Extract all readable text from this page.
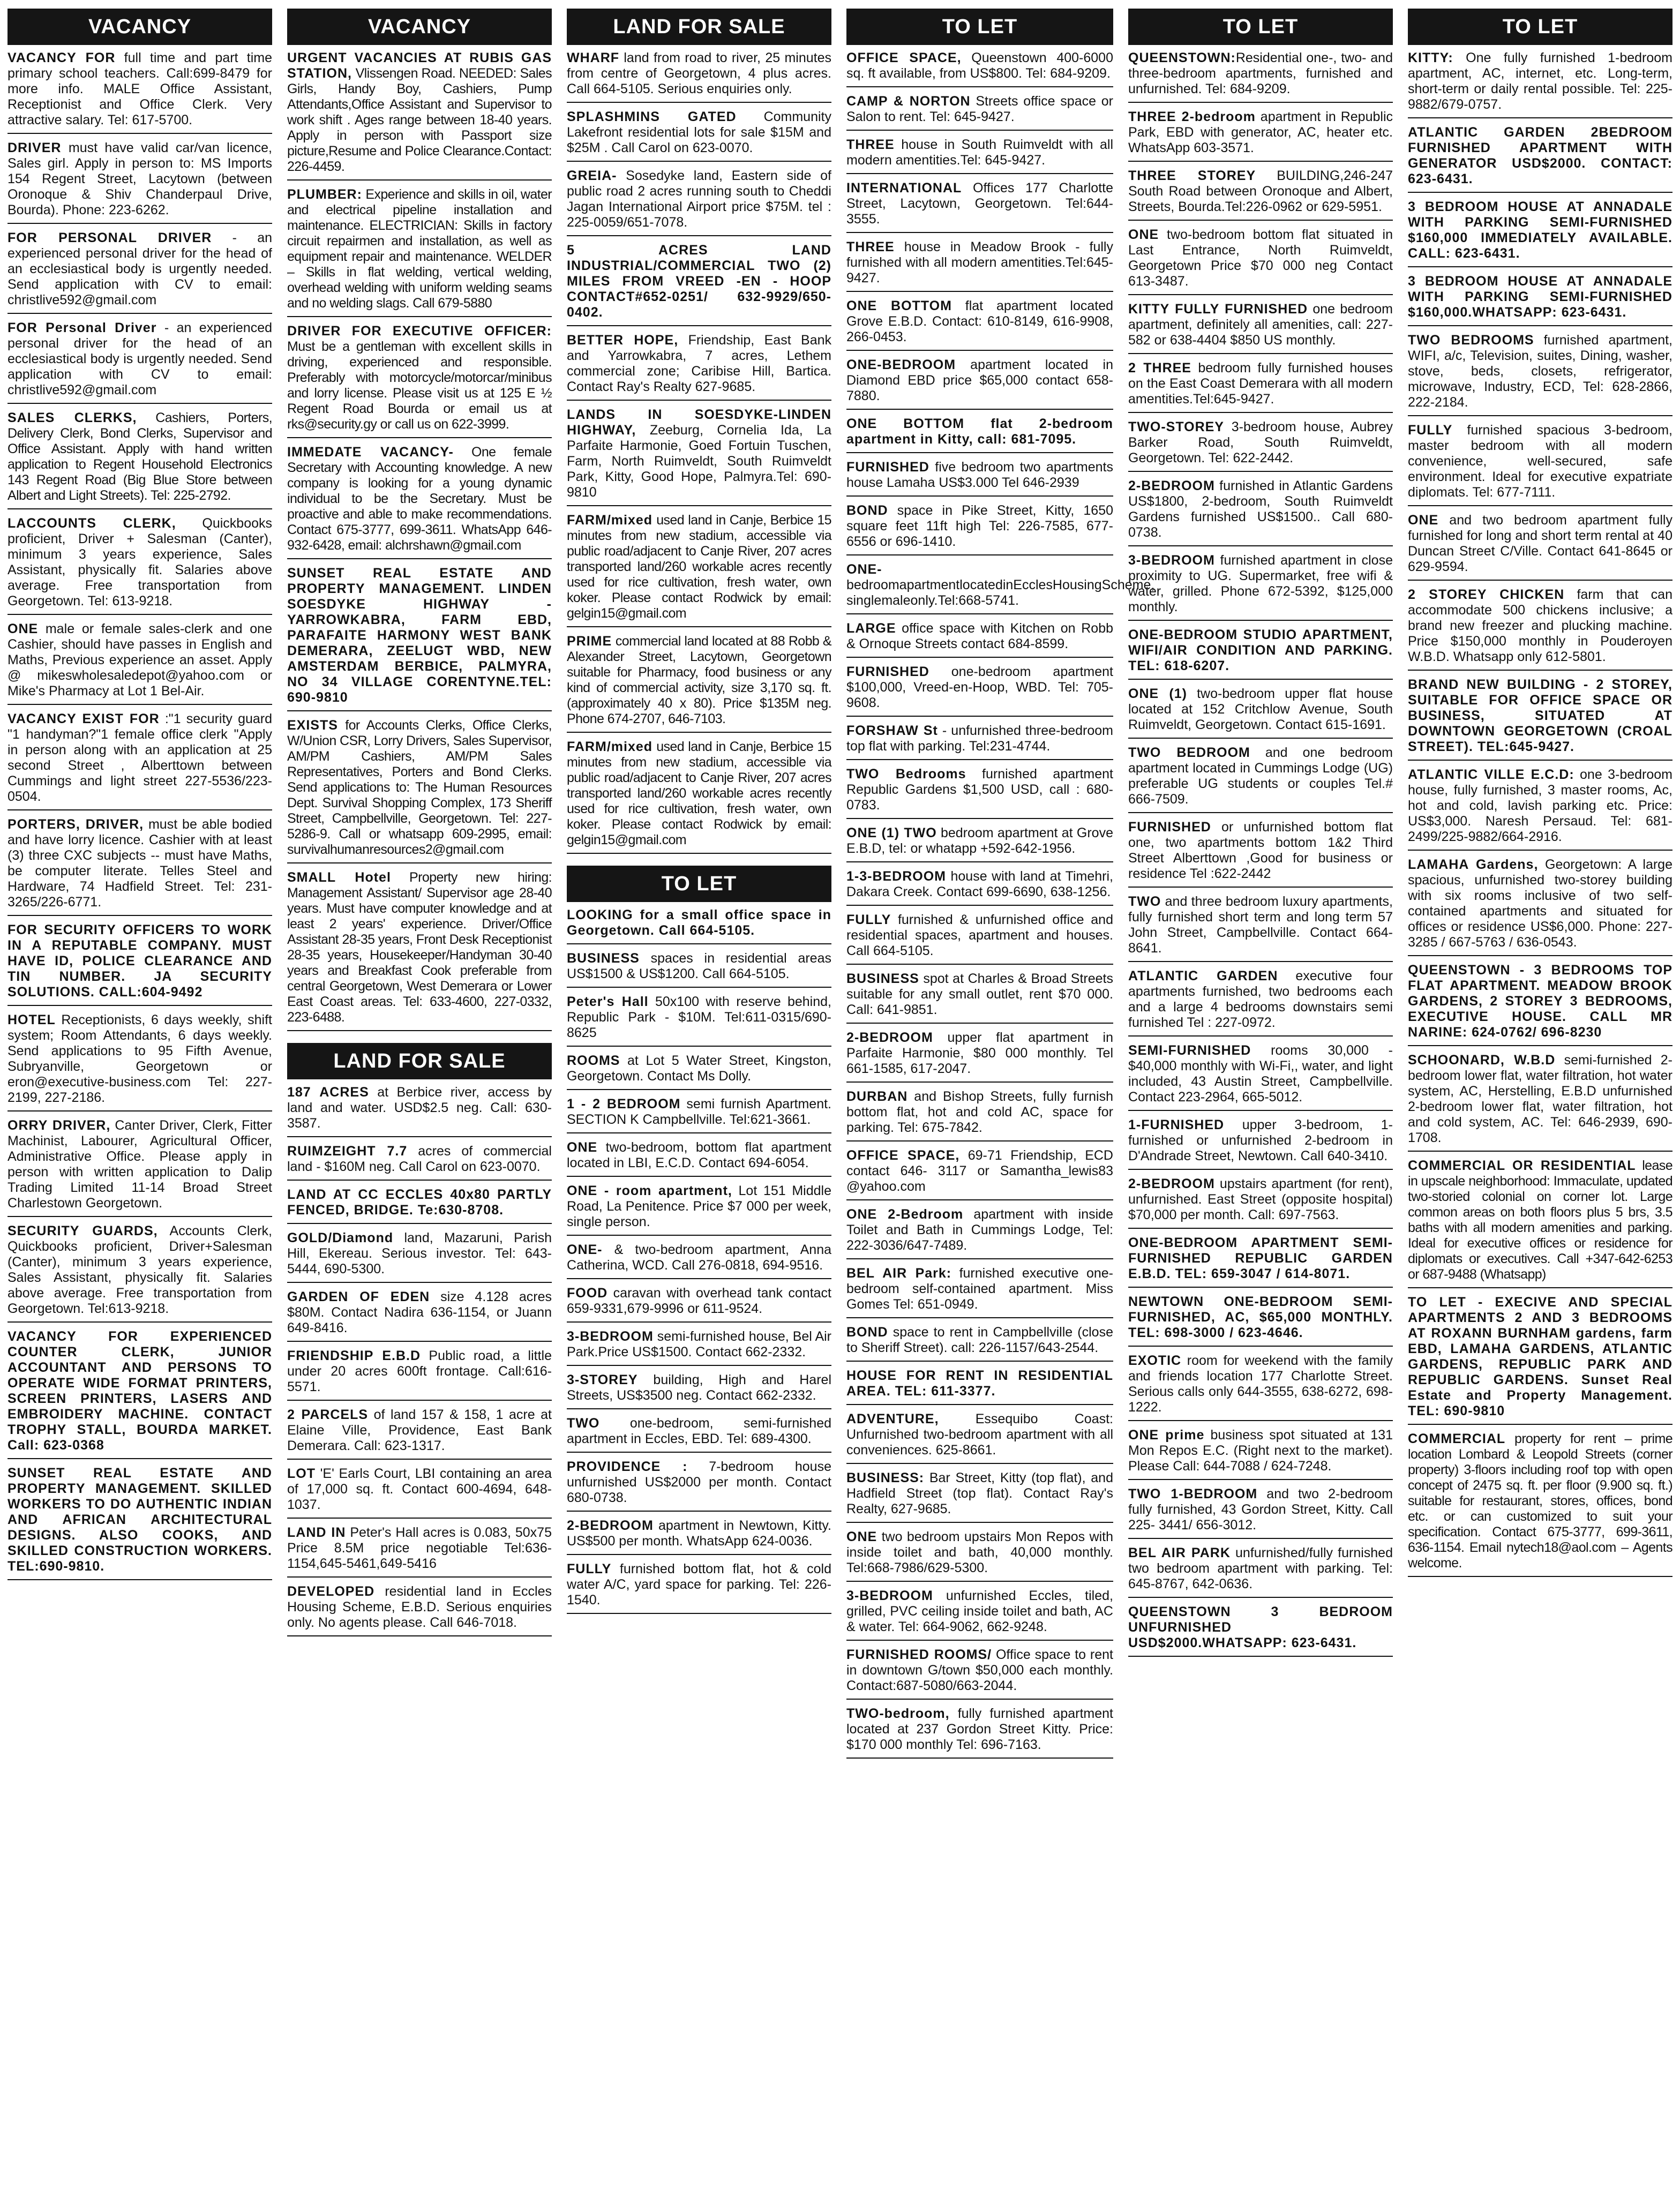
VACANCY
VACANCY FOR full time and part time primary school teachers. Call:699-8479 for more info. MALE Office Assistant, Receptionist and Office Clerk. Very attractive salary. Tel: 617-5700.
DRIVER must have valid car/van licence, Sales girl. Apply in person to: MS Imports 154 Regent Street, Lacytown (between Oronoque & Shiv Chanderpaul Drive, Bourda). Phone: 223-6262.
FOR PERSONAL DRIVER - an experienced personal driver for the head of an ecclesiastical body is urgently needed. Send application with CV to email: christlive592@gmail.com
FOR Personal Driver - an experienced personal driver for the head of an ecclesiastical body is urgently needed. Send application with CV to email: christlive592@gmail.com
SALES CLERKS, Cashiers, Porters, Delivery Clerk, Bond Clerks, Supervisor and Office Assistant. Apply with hand written application to Regent Household Electronics 143 Regent Road (Big Blue Store between Albert and Light Streets). Tel: 225-2792.
LACCOUNTS CLERK, Quickbooks proficient, Driver + Salesman (Canter), minimum 3 years experience, Sales Assistant, physically fit. Salaries above average. Free transportation from Georgetown. Tel: 613-9218.
ONE male or female sales-clerk and one Cashier, should have passes in English and Maths, Previous experience an asset. Apply @ mikeswholesaledepot@yahoo.com or Mike's Pharmacy at Lot 1 Bel-Air.
VACANCY EXIST FOR :"1 security guard "1 handyman?"1 female office clerk "Apply in person along with an application at 25 second Street , Alberttown between Cummings and light street 227-5536/223-0504.
PORTERS, DRIVER, must be able bodied and have lorry licence. Cashier with at least (3) three CXC subjects -- must have Maths, be computer literate. Telles Steel and Hardware, 74 Hadfield Street. Tel: 231-3265/226-6771.
FOR SECURITY OFFICERS TO WORK IN A REPUTABLE COMPANY. MUST HAVE ID, POLICE CLEARANCE AND TIN NUMBER. JA SECURITY SOLUTIONS. CALL:604-9492
HOTEL Receptionists, 6 days weekly, shift system; Room Attendants, 6 days weekly. Send applications to 95 Fifth Avenue, Subryanville, Georgetown or eron@executive-business.com Tel: 227-2199, 227-2186.
ORRY DRIVER, Canter Driver, Clerk, Fitter Machinist, Labourer, Agricultural Officer, Administrative Office. Please apply in person with written application to Dalip Trading Limited 11-14 Broad Street Charlestown Georgetown.
SECURITY GUARDS, Accounts Clerk, Quickbooks proficient, Driver+Salesman (Canter), minimum 3 years experience, Sales Assistant, physically fit. Salaries above average. Free transportation from Georgetown. Tel:613-9218.
VACANCY FOR EXPERIENCED COUNTER CLERK, JUNIOR ACCOUNTANT AND PERSONS TO OPERATE WIDE FORMAT PRINTERS, SCREEN PRINTERS, LASERS AND EMBROIDERY MACHINE. CONTACT TROPHY STALL, BOURDA MARKET. Call: 623-0368
SUNSET REAL ESTATE AND PROPERTY MANAGEMENT. SKILLED WORKERS TO DO AUTHENTIC INDIAN AND AFRICAN ARCHITECTURAL DESIGNS. ALSO COOKS, AND SKILLED CONSTRUCTION WORKERS. TEL:690-9810.
VACANCY
URGENT VACANCIES AT RUBIS GAS STATION, Vlissengen Road. NEEDED: Sales Girls, Handy Boy, Cashiers, Pump Attendants,Office Assistant and Supervisor to work shift . Ages range between 18-40 years. Apply in person with Passport size picture,Resume and Police Clearance.Contact: 226-4459.
PLUMBER: Experience and skills in oil, water and electrical pipeline installation and maintenance. ELECTRICIAN: Skills in factory circuit repairmen and installation, as well as equipment repair and maintenance. WELDER – Skills in flat welding, vertical welding, overhead welding with uniform welding seams and no welding slags. Call 679-5880
DRIVER FOR EXECUTIVE OFFICER: Must be a gentleman with excellent skills in driving, experienced and responsible. Preferably with motorcycle/motorcar/minibus and lorry license. Please visit us at 125 E ½ Regent Road Bourda or email us at rks@security.gy or call us on 622-3999.
IMMEDATE VACANCY- One female Secretary with Accounting knowledge. A new company is looking for a young dynamic individual to be the Secretary. Must be proactive and able to make recommendations. Contact 675-3777, 699-3611. WhatsApp 646-932-6428, email: alchrshawn@gmail.com
SUNSET REAL ESTATE AND PROPERTY MANAGEMENT. LINDEN SOESDYKE HIGHWAY - YARROWKABRA, FARM EBD, PARAFAITE HARMONY WEST BANK DEMERARA, ZEELUGT WBD, NEW AMSTERDAM BERBICE, PALMYRA, NO 34 VILLAGE CORENTYNE.TEL: 690-9810
EXISTS for Accounts Clerks, Office Clerks, W/Union CSR, Lorry Drivers, Sales Supervisor, AM/PM Cashiers, AM/PM Sales Representatives, Porters and Bond Clerks. Send applications to: The Human Resources Dept. Survival Shopping Complex, 173 Sheriff Street, Campbellville, Georgetown. Tel: 227-5286-9. Call or whatsapp 609-2995, email: survivalhumanresources2@gmail.com
SMALL Hotel Property new hiring: Management Assistant/ Supervisor age 28-40 years. Must have computer knowledge and at least 2 years' experience. Driver/Office Assistant 28-35 years, Front Desk Receptionist 28-35 years, Housekeeper/Handyman 30-40 years and Breakfast Cook preferable from central Georgetown, West Demerara or Lower East Coast areas. Tel: 633-4600, 227-0332, 223-6488.
LAND FOR SALE
187 ACRES at Berbice river, access by land and water. USD$2.5 neg. Call: 630-3587.
RUIMZEIGHT 7.7 acres of commercial land - $160M neg. Call Carol on 623-0070.
LAND AT CC ECCLES 40x80 PARTLY FENCED, BRIDGE. Te:630-8708.
GOLD/Diamond land, Mazaruni, Parish Hill, Ekereau. Serious investor. Tel: 643-5444, 690-5300.
GARDEN OF EDEN size 4.128 acres $80M. Contact Nadira 636-1154, or Juann 649-8416.
FRIENDSHIP E.B.D Public road, a little under 20 acres 600ft frontage. Call:616-5571.
2 PARCELS of land 157 & 158, 1 acre at Elaine Ville, Providence, East Bank Demerara. Call: 623-1317.
LOT 'E' Earls Court, LBI containing an area of 17,000 sq. ft. Contact 600-4694, 648-1037.
LAND IN Peter's Hall acres is 0.083, 50x75 Price 8.5M price negotiable Tel:636-1154,645-5461,649-5416
DEVELOPED residential land in Eccles Housing Scheme, E.B.D. Serious enquiries only. No agents please. Call 646-7018.
LAND FOR SALE
WHARF land from road to river, 25 minutes from centre of Georgetown, 4 plus acres. Call 664-5105. Serious enquiries only.
SPLASHMINS GATED Community Lakefront residential lots for sale $15M and $25M . Call Carol on 623-0070.
GREIA- Sosedyke land, Eastern side of public road 2 acres running south to Cheddi Jagan International Airport price $75M. tel : 225-0059/651-7078.
5 ACRES LAND INDUSTRIAL/COMMERCIAL TWO (2) MILES FROM VREED -EN - HOOP CONTACT#652-0251/ 632-9929/650-0402.
BETTER HOPE, Friendship, East Bank and Yarrowkabra, 7 acres, Lethem commercial zone; Caribise Hill, Bartica. Contact Ray's Realty 627-9685.
LANDS IN SOESDYKE-LINDEN HIGHWAY, Zeeburg, Cornelia Ida, La Parfaite Harmonie, Goed Fortuin Tuschen, Farm, North Ruimveldt, South Ruimveldt Park, Kitty, Good Hope, Palmyra.Tel: 690-9810
FARM/mixed used land in Canje, Berbice 15 minutes from new stadium, accessible via public road/adjacent to Canje River, 207 acres transported land/260 workable acres recently used for rice cultivation, fresh water, own koker. Please contact Rodwick by email: gelgin15@gmail.com
PRIME commercial land located at 88 Robb & Alexander Street, Lacytown, Georgetown suitable for Pharmacy, food business or any kind of commercial activity, size 3,170 sq. ft. (approximately 40 x 80). Price $135M neg. Phone 674-2707, 646-7103.
FARM/mixed used land in Canje, Berbice 15 minutes from new stadium, accessible via public road/adjacent to Canje River, 207 acres transported land/260 workable acres recently used for rice cultivation, fresh water, own koker. Please contact Rodwick by email: gelgin15@gmail.com
TO LET
LOOKING for a small office space in Georgetown. Call 664-5105.
BUSINESS spaces in residential areas US$1500 & US$1200. Call 664-5105.
Peter's Hall 50x100 with reserve behind, Republic Park - $10M. Tel:611-0315/690-8625
ROOMS at Lot 5 Water Street, Kingston, Georgetown. Contact Ms Dolly.
1 - 2 BEDROOM semi furnish Apartment. SECTION K Campbellville. Tel:621-3661.
ONE two-bedroom, bottom flat apartment located in LBI, E.C.D. Contact 694-6054.
ONE - room apartment, Lot 151 Middle Road, La Penitence. Price $7 000 per week, single person.
ONE- & two-bedroom apartment, Anna Catherina, WCD. Call 276-0818, 694-9516.
FOOD caravan with overhead tank contact 659-9331,679-9996 or 611-9524.
3-BEDROOM semi-furnished house, Bel Air Park.Price US$1500. Contact 662-2332.
3-STOREY building, High and Harel Streets, US$3500 neg. Contact 662-2332.
TWO one-bedroom, semi-furnished apartment in Eccles, EBD. Tel: 689-4300.
PROVIDENCE : 7-bedroom house unfurnished US$2000 per month. Contact 680-0738.
2-BEDROOM apartment in Newtown, Kitty. US$500 per month. WhatsApp 624-0036.
FULLY furnished bottom flat, hot & cold water A/C, yard space for parking. Tel: 226-1540.
TO LET
OFFICE SPACE, Queenstown 400-6000 sq. ft available, from US$800. Tel: 684-9209.
CAMP & NORTON Streets office space or Salon to rent. Tel: 645-9427.
THREE house in South Ruimveldt with all modern amentities.Tel: 645-9427.
INTERNATIONAL Offices 177 Charlotte Street, Lacytown, Georgetown. Tel:644-3555.
THREE house in Meadow Brook - fully furnished with all modern amentities.Tel:645-9427.
ONE BOTTOM flat apartment located Grove E.B.D. Contact: 610-8149, 616-9908, 266-0453.
ONE-BEDROOM apartment located in Diamond EBD price $65,000 contact 658-7880.
ONE BOTTOM flat 2-bedroom apartment in Kitty, call: 681-7095.
FURNISHED five bedroom two apartments house Lamaha US$3.000 Tel 646-2939
BOND space in Pike Street, Kitty, 1650 square feet 11ft high Tel: 226-7585, 677-6556 or 696-1410.
ONE-bedroomapartmentlocatedinEcclesHousingScheme, singlemaleonly.Tel:668-5741.
LARGE office space with Kitchen on Robb & Ornoque Streets contact 684-8599.
FURNISHED one-bedroom apartment $100,000, Vreed-en-Hoop, WBD. Tel: 705-9608.
FORSHAW St - unfurnished three-bedroom top flat with parking. Tel:231-4744.
TWO Bedrooms furnished apartment Republic Gardens $1,500 USD, call : 680-0783.
ONE (1) TWO bedroom apartment at Grove E.B.D, tel: or whatapp +592-642-1956.
1-3-BEDROOM house with land at Timehri, Dakara Creek. Contact 699-6690, 638-1256.
FULLY furnished & unfurnished office and residential spaces, apartment and houses. Call 664-5105.
BUSINESS spot at Charles & Broad Streets suitable for any small outlet, rent $70 000. Call: 641-9851.
2-BEDROOM upper flat apartment in Parfaite Harmonie, $80 000 monthly. Tel 661-1585, 617-2047.
DURBAN and Bishop Streets, fully furnish bottom flat, hot and cold AC, space for parking. Tel: 675-7842.
OFFICE SPACE, 69-71 Friendship, ECD contact 646- 3117 or Samantha_lewis83 @yahoo.com
ONE 2-Bedroom apartment with inside Toilet and Bath in Cummings Lodge, Tel: 222-3036/647-7489.
BEL AIR Park: furnished executive one-bedroom self-contained apartment. Miss Gomes Tel: 651-0949.
BOND space to rent in Campbellville (close to Sheriff Street). call: 226-1157/643-2544.
HOUSE FOR RENT IN RESIDENTIAL AREA. TEL: 611-3377.
ADVENTURE, Essequibo Coast: Unfurnished two-bedroom apartment with all conveniences. 625-8661.
BUSINESS: Bar Street, Kitty (top flat), and Hadfield Street (top flat). Contact Ray's Realty, 627-9685.
ONE two bedroom upstairs Mon Repos with inside toilet and bath, 40,000 monthly. Tel:668-7986/629-5300.
3-BEDROOM unfurnished Eccles, tiled, grilled, PVC ceiling inside toilet and bath, AC & water. Tel: 664-9062, 662-9248.
FURNISHED ROOMS/ Office space to rent in downtown G/town $50,000 each monthly. Contact:687-5080/663-2044.
TWO-bedroom, fully furnished apartment located at 237 Gordon Street Kitty. Price: $170 000 monthly Tel: 696-7163.
TO LET
QUEENSTOWN:Residential one-, two- and three-bedroom apartments, furnished and unfurnished. Tel: 684-9209.
THREE 2-bedroom apartment in Republic Park, EBD with generator, AC, heater etc. WhatsApp 603-3571.
THREE STOREY BUILDING,246-247 South Road between Oronoque and Albert, Streets, Bourda.Tel:226-0962 or 629-5951.
ONE two-bedroom bottom flat situated in Last Entrance, North Ruimveldt, Georgetown Price $70 000 neg Contact 613-3487.
KITTY FULLY FURNISHED one bedroom apartment, definitely all amenities, call: 227-582 or 638-4404 $850 US monthly.
2 THREE bedroom fully furnished houses on the East Coast Demerara with all modern amentities.Tel:645-9427.
TWO-STOREY 3-bedroom house, Aubrey Barker Road, South Ruimveldt, Georgetown. Tel: 622-2442.
2-BEDROOM furnished in Atlantic Gardens US$1800, 2-bedroom, South Ruimveldt Gardens furnished US$1500.. Call 680-0738.
3-BEDROOM furnished apartment in close proximity to UG. Supermarket, free wifi & water, grilled. Phone 672-5392, $125,000 monthly.
ONE-BEDROOM STUDIO APARTMENT, WIFI/AIR CONDITION AND PARKING. TEL: 618-6207.
ONE (1) two-bedroom upper flat house located at 152 Critchlow Avenue, South Ruimveldt, Georgetown. Contact 615-1691.
TWO BEDROOM and one bedroom apartment located in Cummings Lodge (UG) preferable UG students or couples Tel.# 666-7509.
FURNISHED or unfurnished bottom flat one, two apartments bottom 1&2 Third Street Alberttown ,Good for business or residence Tel :622-2442
TWO and three bedroom luxury apartments, fully furnished short term and long term 57 John Street, Campbellville. Contact 664-8641.
ATLANTIC GARDEN executive four apartments furnished, two bedrooms each and a large 4 bedrooms downstairs semi furnished Tel : 227-0972.
SEMI-FURNISHED rooms 30,000 - $40,000 monthly with Wi-Fi,, water, and light included, 43 Austin Street, Campbellville. Contact 223-2964, 665-5012.
1-FURNISHED upper 3-bedroom, 1-furnished or unfurnished 2-bedroom in D'Andrade Street, Newtown. Call 640-3410.
2-BEDROOM upstairs apartment (for rent), unfurnished. East Street (opposite hospital) $70,000 per month. Call: 697-7563.
ONE-BEDROOM APARTMENT SEMI-FURNISHED REPUBLIC GARDEN E.B.D. TEL: 659-3047 / 614-8071.
NEWTOWN ONE-BEDROOM SEMI-FURNISHED, AC, $65,000 MONTHLY. TEL: 698-3000 / 623-4646.
EXOTIC room for weekend with the family and friends location 177 Charlotte Street. Serious calls only 644-3555, 638-6272, 698-1222.
ONE prime business spot situated at 131 Mon Repos E.C. (Right next to the market). Please Call: 644-7088 / 624-7248.
TWO 1-BEDROOM and two 2-bedroom fully furnished, 43 Gordon Street, Kitty. Call 225- 3441/ 656-3012.
BEL AIR PARK unfurnished/fully furnished two bedroom apartment with parking. Tel: 645-8767, 642-0636.
QUEENSTOWN 3 BEDROOM UNFURNISHED USD$2000.WHATSAPP: 623-6431.
TO LET
KITTY: One fully furnished 1-bedroom apartment, AC, internet, etc. Long-term, short-term or daily rental possible. Tel: 225-9882/679-0757.
ATLANTIC GARDEN 2BEDROOM FURNISHED APARTMENT WITH GENERATOR USD$2000. CONTACT: 623-6431.
3 BEDROOM HOUSE AT ANNADALE WITH PARKING SEMI-FURNISHED $160,000 IMMEDIATELY AVAILABLE. CALL: 623-6431.
3 BEDROOM HOUSE AT ANNADALE WITH PARKING SEMI-FURNISHED $160,000.WHATSAPP: 623-6431.
TWO BEDROOMS furnished apartment, WIFI, a/c, Television, suites, Dining, washer, stove, beds, closets, refrigerator, microwave, Industry, ECD, Tel: 628-2866, 222-2184.
FULLY furnished spacious 3-bedroom, master bedroom with all modern convenience, well-secured, safe environment. Ideal for executive expatriate diplomats. Tel: 677-7111.
ONE and two bedroom apartment fully furnished for long and short term rental at 40 Duncan Street C/Ville. Contact 641-8645 or 629-9594.
2 STOREY CHICKEN farm that can accommodate 500 chickens inclusive; a brand new freezer and plucking machine. Price $150,000 monthly in Pouderoyen W.B.D. Whatsapp only 612-5801.
BRAND NEW BUILDING - 2 STOREY, SUITABLE FOR OFFICE SPACE OR BUSINESS, SITUATED AT DOWNTOWN GEORGETOWN (CROAL STREET). TEL:645-9427.
ATLANTIC VILLE E.C.D: one 3-bedroom house, fully furnished, 3 master rooms, Ac, hot and cold, lavish parking etc. Price: US$3,000. Naresh Persaud. Tel: 681-2499/225-9882/664-2916.
LAMAHA Gardens, Georgetown: A large spacious, unfurnished two-storey building with six rooms inclusive of two self-contained apartments and situated for offices or residence US$6,000. Phone: 227-3285 / 667-5763 / 636-0543.
QUEENSTOWN - 3 BEDROOMS TOP FLAT APARTMENT. MEADOW BROOK GARDENS, 2 STOREY 3 BEDROOMS, EXECUTIVE HOUSE. CALL MR NARINE: 624-0762/ 696-8230
SCHOONARD, W.B.D semi-furnished 2-bedroom lower flat, water filtration, hot water system, AC, Herstelling, E.B.D unfurnished 2-bedroom lower flat, water filtration, hot and cold system, AC. Tel: 646-2939, 690-1708.
COMMERCIAL OR RESIDENTIAL lease in upscale neighborhood: Immaculate, updated two-storied colonial on corner lot. Large common areas on both floors plus 5 brs, 3.5 baths with all modern amenities and parking. Ideal for executive offices or residence for diplomats or executives. Call +347-642-6253 or 687-9488 (Whatsapp)
TO LET - EXECIVE AND SPECIAL APARTMENTS 2 AND 3 BEDROOMS AT ROXANN BURNHAM gardens, farm EBD, LAMAHA GARDENS, ATLANTIC GARDENS, REPUBLIC PARK AND REPUBLIC GARDENS. Sunset Real Estate and Property Management. TEL: 690-9810
COMMERCIAL property for rent – prime location Lombard & Leopold Streets (corner property) 3-floors including roof top with open concept of 2475 sq. ft. per floor (9.900 sq. ft.) suitable for restaurant, stores, offices, bond etc. or can customized to suit your specification. Contact 675-3777, 699-3611, 636-1154. Email nytech18@aol.com – Agents welcome.
